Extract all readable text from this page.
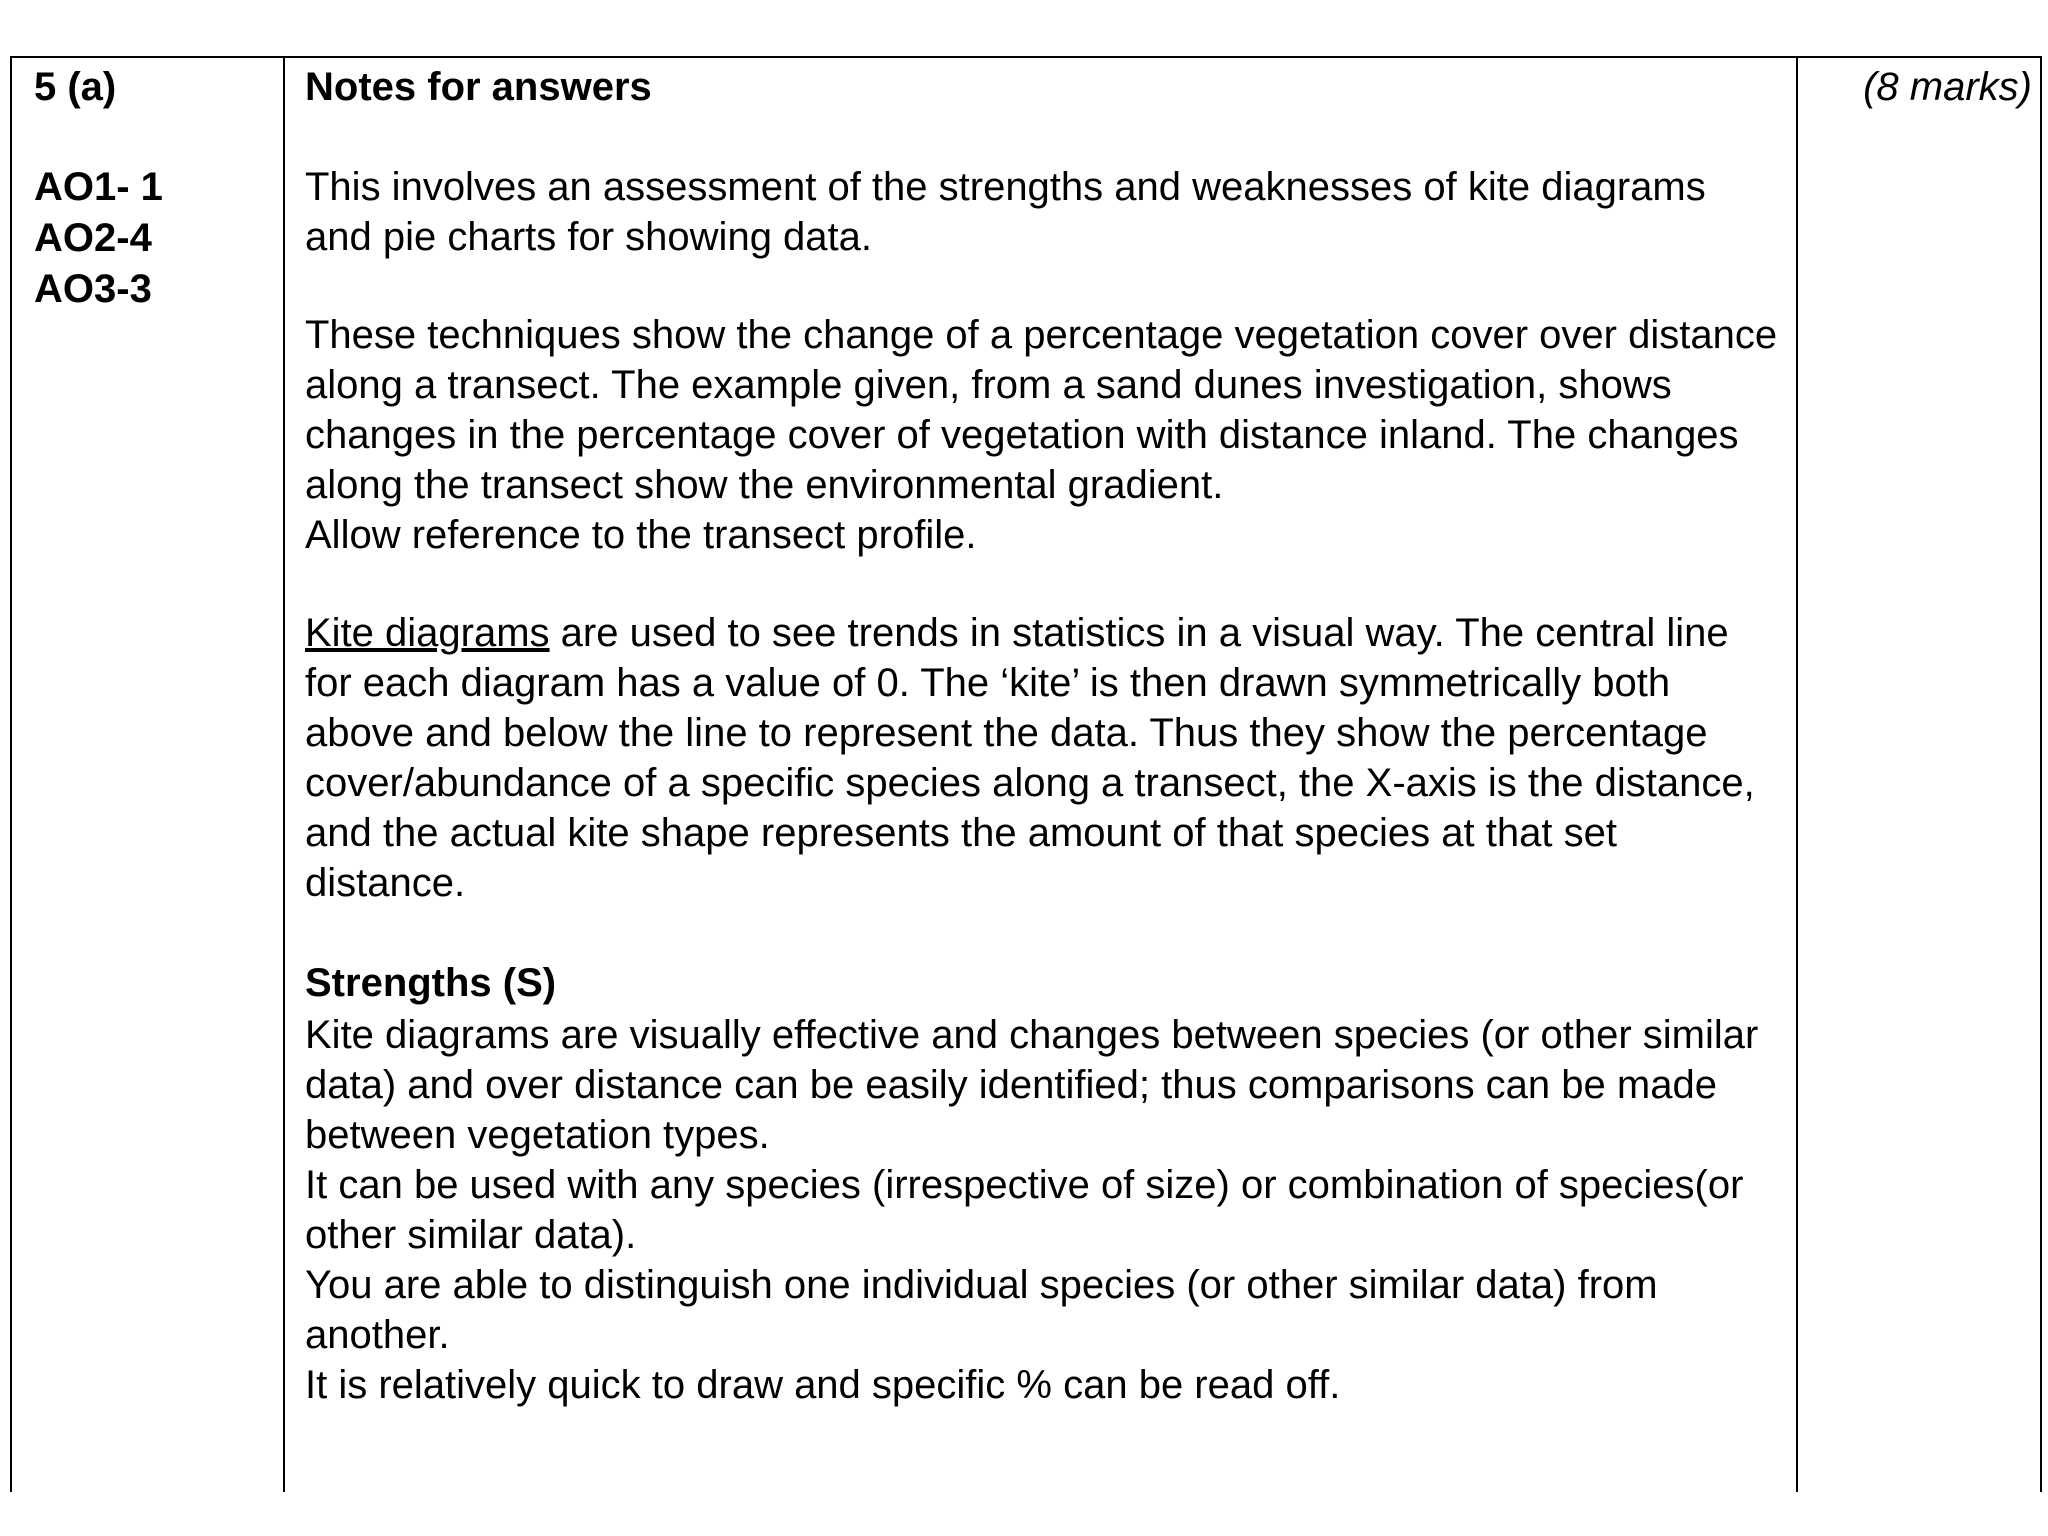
5 (a)
AO1- 1
AO2-4
AO3-3
(8 marks)

Notes for answers

This involves an assessment of the strengths and weaknesses of kite diagrams and pie charts for showing data.

These techniques show the change of a percentage vegetation cover over distance along a transect. The example given, from a sand dunes investigation, shows changes in the percentage cover of vegetation with distance inland. The changes along the transect show the environmental gradient.

Allow reference to the transect profile.

Kite diagrams are used to see trends in statistics in a visual way. The central line for each diagram has a value of 0. The ‘kite’ is then drawn symmetrically both above and below the line to represent the data. Thus they show the percentage cover/abundance of a specific species along a transect, the X-axis is the distance, and the actual kite shape represents the amount of that species at that set distance.

Strengths (S)

Kite diagrams are visually effective and changes between species (or other similar data) and over distance can be easily identified; thus comparisons can be made between vegetation types.

It can be used with any species (irrespective of size) or combination of species(or other similar data).

You are able to distinguish one individual species (or other similar data) from another.

It is relatively quick to draw and specific % can be read off.
